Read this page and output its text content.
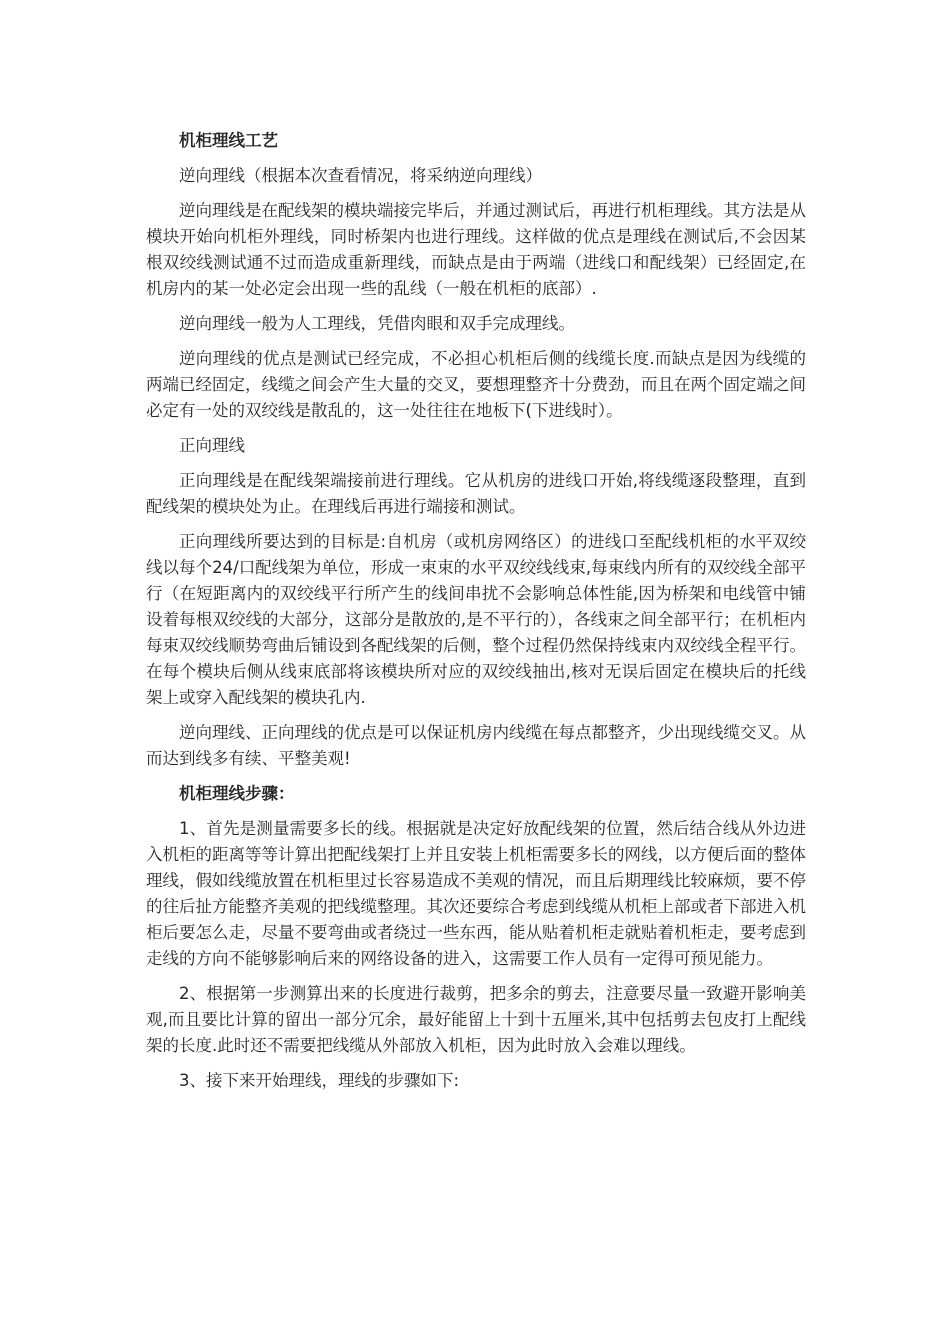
机柜理线工艺

逆向理线（根据本次查看情况，将采纳逆向理线）

逆向理线是在配线架的模块端接完毕后，并通过测试后，再进行机柜理线。其方法是从模块开始向机柜外理线，同时桥架内也进行理线。这样做的优点是理线在测试后,不会因某根双绞线测试通不过而造成重新理线，而缺点是由于两端（进线口和配线架）已经固定,在机房内的某一处必定会出现一些的乱线（一般在机柜的底部）.

逆向理线一般为人工理线，凭借肉眼和双手完成理线。

逆向理线的优点是测试已经完成，不必担心机柜后侧的线缆长度.而缺点是因为线缆的两端已经固定，线缆之间会产生大量的交叉，要想理整齐十分费劲，而且在两个固定端之间必定有一处的双绞线是散乱的，这一处往往在地板下(下进线时）。

正向理线

正向理线是在配线架端接前进行理线。它从机房的进线口开始,将线缆逐段整理，直到配线架的模块处为止。在理线后再进行端接和测试。

正向理线所要达到的目标是:自机房（或机房网络区）的进线口至配线机柜的水平双绞线以每个24/口配线架为单位，形成一束束的水平双绞线线束,每束线内所有的双绞线全部平行（在短距离内的双绞线平行所产生的线间串扰不会影响总体性能,因为桥架和电线管中铺设着每根双绞线的大部分，这部分是散放的,是不平行的），各线束之间全部平行；在机柜内每束双绞线顺势弯曲后铺设到各配线架的后侧，整个过程仍然保持线束内双绞线全程平行。在每个模块后侧从线束底部将该模块所对应的双绞线抽出,核对无误后固定在模块后的托线架上或穿入配线架的模块孔内.

逆向理线、正向理线的优点是可以保证机房内线缆在每点都整齐，少出现线缆交叉。从而达到线多有续、平整美观!

机柜理线步骤：

1、首先是测量需要多长的线。根据就是决定好放配线架的位置，然后结合线从外边进入机柜的距离等等计算出把配线架打上并且安装上机柜需要多长的网线，以方便后面的整体理线，假如线缆放置在机柜里过长容易造成不美观的情况，而且后期理线比较麻烦，要不停的往后扯方能整齐美观的把线缆整理。其次还要综合考虑到线缆从机柜上部或者下部进入机柜后要怎么走，尽量不要弯曲或者绕过一些东西，能从贴着机柜走就贴着机柜走，要考虑到走线的方向不能够影响后来的网络设备的进入，这需要工作人员有一定得可预见能力。

2、根据第一步测算出来的长度进行裁剪，把多余的剪去，注意要尽量一致避开影响美观,而且要比计算的留出一部分冗余，最好能留上十到十五厘米,其中包括剪去包皮打上配线架的长度.此时还不需要把线缆从外部放入机柜，因为此时放入会难以理线。

3、接下来开始理线，理线的步骤如下:
